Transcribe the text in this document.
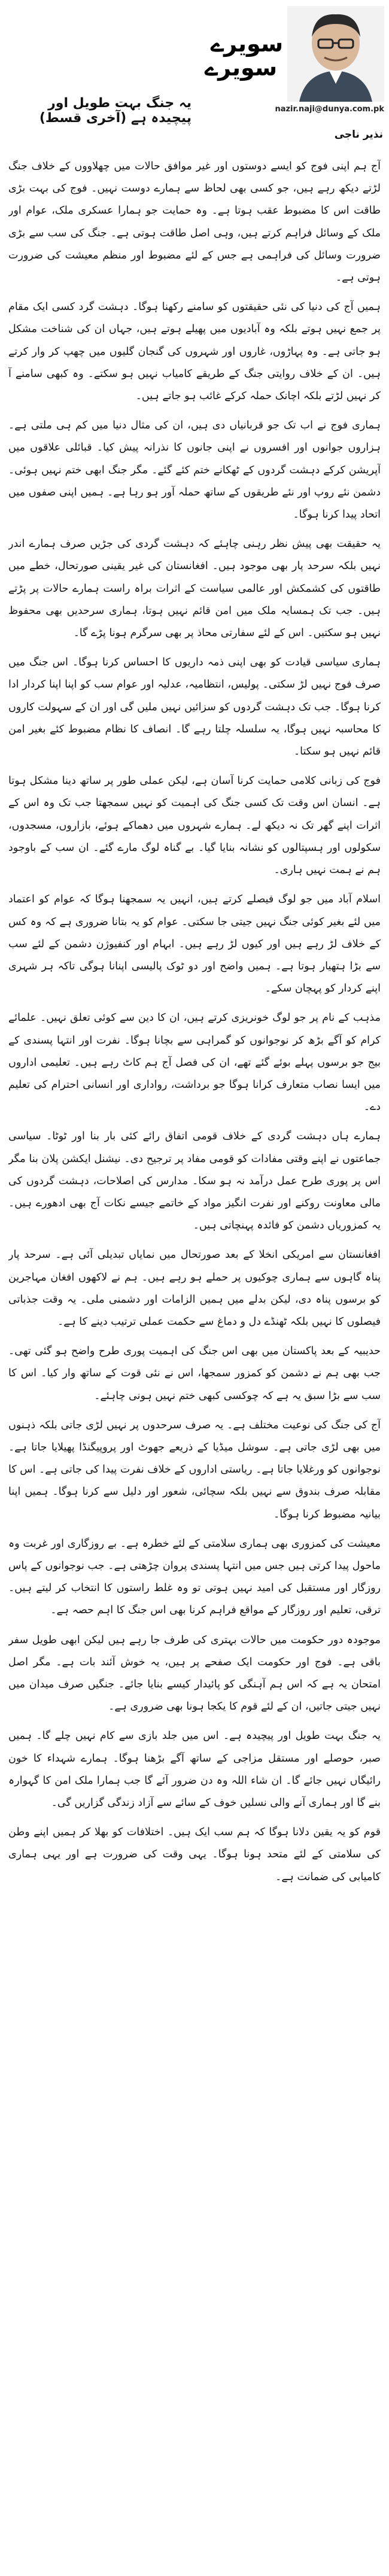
سویرے
سویرے
nazir.naji@dunya.com.pk
نذیر ناجی
یہ جنگ بہت طویل اور پیچیدہ ہے (آخری قسط)

آج ہم اپنی فوج کو ایسے دوستوں اور غیر موافق حالات میں چھلاووں کے خلاف جنگ لڑتے دیکھ رہے ہیں، جو کسی بھی لحاظ سے ہمارے دوست نہیں۔ فوج کی بہت بڑی طاقت اس کا مضبوط عقب ہوتا ہے۔ وہ حمایت جو ہمارا عسکری ملک، عوام اور ملک کے وسائل فراہم کرتے ہیں، وہی اصل طاقت ہوتی ہے۔ جنگ کی سب سے بڑی ضرورت وسائل کی فراہمی ہے جس کے لئے مضبوط اور منظم معیشت کی ضرورت ہوتی ہے۔

ہمیں آج کی دنیا کی نئی حقیقتوں کو سامنے رکھنا ہوگا۔ دہشت گرد کسی ایک مقام پر جمع نہیں ہوتے بلکہ وہ آبادیوں میں پھیلے ہوتے ہیں، جہاں ان کی شناخت مشکل ہو جاتی ہے۔ وہ پہاڑوں، غاروں اور شہروں کی گنجان گلیوں میں چھپ کر وار کرتے ہیں۔ ان کے خلاف روایتی جنگ کے طریقے کامیاب نہیں ہو سکتے۔ وہ کبھی سامنے آ کر نہیں لڑتے بلکہ اچانک حملہ کرکے غائب ہو جاتے ہیں۔

ہماری فوج نے اب تک جو قربانیاں دی ہیں، ان کی مثال دنیا میں کم ہی ملتی ہے۔ ہزاروں جوانوں اور افسروں نے اپنی جانوں کا نذرانہ پیش کیا۔ قبائلی علاقوں میں آپریشن کرکے دہشت گردوں کے ٹھکانے ختم کئے گئے۔ مگر جنگ ابھی ختم نہیں ہوئی۔ دشمن نئے روپ اور نئے طریقوں کے ساتھ حملہ آور ہو رہا ہے۔ ہمیں اپنی صفوں میں اتحاد پیدا کرنا ہوگا۔

یہ حقیقت بھی پیش نظر رہنی چاہئے کہ دہشت گردی کی جڑیں صرف ہمارے اندر نہیں بلکہ سرحد پار بھی موجود ہیں۔ افغانستان کی غیر یقینی صورتحال، خطے میں طاقتوں کی کشمکش اور عالمی سیاست کے اثرات براہ راست ہمارے حالات پر پڑتے ہیں۔ جب تک ہمسایہ ملک میں امن قائم نہیں ہوتا، ہماری سرحدیں بھی محفوظ نہیں ہو سکتیں۔ اس کے لئے سفارتی محاذ پر بھی سرگرم ہونا پڑے گا۔

ہماری سیاسی قیادت کو بھی اپنی ذمہ داریوں کا احساس کرنا ہوگا۔ اس جنگ میں صرف فوج نہیں لڑ سکتی۔ پولیس، انتظامیہ، عدلیہ اور عوام سب کو اپنا اپنا کردار ادا کرنا ہوگا۔ جب تک دہشت گردوں کو سزائیں نہیں ملیں گی اور ان کے سہولت کاروں کا محاسبہ نہیں ہوگا، یہ سلسلہ چلتا رہے گا۔ انصاف کا نظام مضبوط کئے بغیر امن قائم نہیں ہو سکتا۔

فوج کی زبانی کلامی حمایت کرنا آسان ہے، لیکن عملی طور پر ساتھ دینا مشکل ہوتا ہے۔ انسان اس وقت تک کسی جنگ کی اہمیت کو نہیں سمجھتا جب تک وہ اس کے اثرات اپنے گھر تک نہ دیکھ لے۔ ہمارے شہروں میں دھماکے ہوئے، بازاروں، مسجدوں، سکولوں اور ہسپتالوں کو نشانہ بنایا گیا۔ بے گناہ لوگ مارے گئے۔ ان سب کے باوجود ہم نے ہمت نہیں ہاری۔

اسلام آباد میں جو لوگ فیصلے کرتے ہیں، انہیں یہ سمجھنا ہوگا کہ عوام کو اعتماد میں لئے بغیر کوئی جنگ نہیں جیتی جا سکتی۔ عوام کو یہ بتانا ضروری ہے کہ وہ کس کے خلاف لڑ رہے ہیں اور کیوں لڑ رہے ہیں۔ ابہام اور کنفیوژن دشمن کے لئے سب سے بڑا ہتھیار ہوتا ہے۔ ہمیں واضح اور دو ٹوک پالیسی اپنانا ہوگی تاکہ ہر شہری اپنے کردار کو پہچان سکے۔

مذہب کے نام پر جو لوگ خونریزی کرتے ہیں، ان کا دین سے کوئی تعلق نہیں۔ علمائے کرام کو آگے بڑھ کر نوجوانوں کو گمراہی سے بچانا ہوگا۔ نفرت اور انتہا پسندی کے بیج جو برسوں پہلے بوئے گئے تھے، ان کی فصل آج ہم کاٹ رہے ہیں۔ تعلیمی اداروں میں ایسا نصاب متعارف کرانا ہوگا جو برداشت، رواداری اور انسانی احترام کی تعلیم دے۔

ہمارے ہاں دہشت گردی کے خلاف قومی اتفاق رائے کئی بار بنا اور ٹوٹا۔ سیاسی جماعتوں نے اپنے وقتی مفادات کو قومی مفاد پر ترجیح دی۔ نیشنل ایکشن پلان بنا مگر اس پر پوری طرح عمل درآمد نہ ہو سکا۔ مدارس کی اصلاحات، دہشت گردوں کی مالی معاونت روکنے اور نفرت انگیز مواد کے خاتمے جیسے نکات آج بھی ادھورے ہیں۔ یہ کمزوریاں دشمن کو فائدہ پہنچاتی ہیں۔

افغانستان سے امریکی انخلا کے بعد صورتحال میں نمایاں تبدیلی آئی ہے۔ سرحد پار پناہ گاہوں سے ہماری چوکیوں پر حملے ہو رہے ہیں۔ ہم نے لاکھوں افغان مہاجرین کو برسوں پناہ دی، لیکن بدلے میں ہمیں الزامات اور دشمنی ملی۔ یہ وقت جذباتی فیصلوں کا نہیں بلکہ ٹھنڈے دل و دماغ سے حکمت عملی ترتیب دینے کا ہے۔

حدیبیہ کے بعد پاکستان میں بھی اس جنگ کی اہمیت پوری طرح واضح ہو گئی تھی۔ جب بھی ہم نے دشمن کو کمزور سمجھا، اس نے نئی قوت کے ساتھ وار کیا۔ اس کا سب سے بڑا سبق یہ ہے کہ چوکسی کبھی ختم نہیں ہونی چاہئے۔

آج کی جنگ کی نوعیت مختلف ہے۔ یہ صرف سرحدوں پر نہیں لڑی جاتی بلکہ ذہنوں میں بھی لڑی جاتی ہے۔ سوشل میڈیا کے ذریعے جھوٹ اور پروپیگنڈا پھیلایا جاتا ہے۔ نوجوانوں کو ورغلایا جاتا ہے۔ ریاستی اداروں کے خلاف نفرت پیدا کی جاتی ہے۔ اس کا مقابلہ صرف بندوق سے نہیں بلکہ سچائی، شعور اور دلیل سے کرنا ہوگا۔ ہمیں اپنا بیانیہ مضبوط کرنا ہوگا۔

معیشت کی کمزوری بھی ہماری سلامتی کے لئے خطرہ ہے۔ بے روزگاری اور غربت وہ ماحول پیدا کرتی ہیں جس میں انتہا پسندی پروان چڑھتی ہے۔ جب نوجوانوں کے پاس روزگار اور مستقبل کی امید نہیں ہوتی تو وہ غلط راستوں کا انتخاب کر لیتے ہیں۔ ترقی، تعلیم اور روزگار کے مواقع فراہم کرنا بھی اس جنگ کا اہم حصہ ہے۔

موجودہ دور حکومت میں حالات بہتری کی طرف جا رہے ہیں لیکن ابھی طویل سفر باقی ہے۔ فوج اور حکومت ایک صفحے پر ہیں، یہ خوش آئند بات ہے۔ مگر اصل امتحان یہ ہے کہ اس ہم آہنگی کو پائیدار کیسے بنایا جائے۔ جنگیں صرف میدان میں نہیں جیتی جاتیں، ان کے لئے قوم کا یکجا ہونا بھی ضروری ہے۔

یہ جنگ بہت طویل اور پیچیدہ ہے۔ اس میں جلد بازی سے کام نہیں چلے گا۔ ہمیں صبر، حوصلے اور مستقل مزاجی کے ساتھ آگے بڑھنا ہوگا۔ ہمارے شہداء کا خون رائیگاں نہیں جائے گا۔ ان شاء اللہ وہ دن ضرور آئے گا جب ہمارا ملک امن کا گہوارہ بنے گا اور ہماری آنے والی نسلیں خوف کے سائے سے آزاد زندگی گزاریں گی۔

قوم کو یہ یقین دلانا ہوگا کہ ہم سب ایک ہیں۔ اختلافات کو بھلا کر ہمیں اپنے وطن کی سلامتی کے لئے متحد ہونا ہوگا۔ یہی وقت کی ضرورت ہے اور یہی ہماری کامیابی کی ضمانت ہے۔
